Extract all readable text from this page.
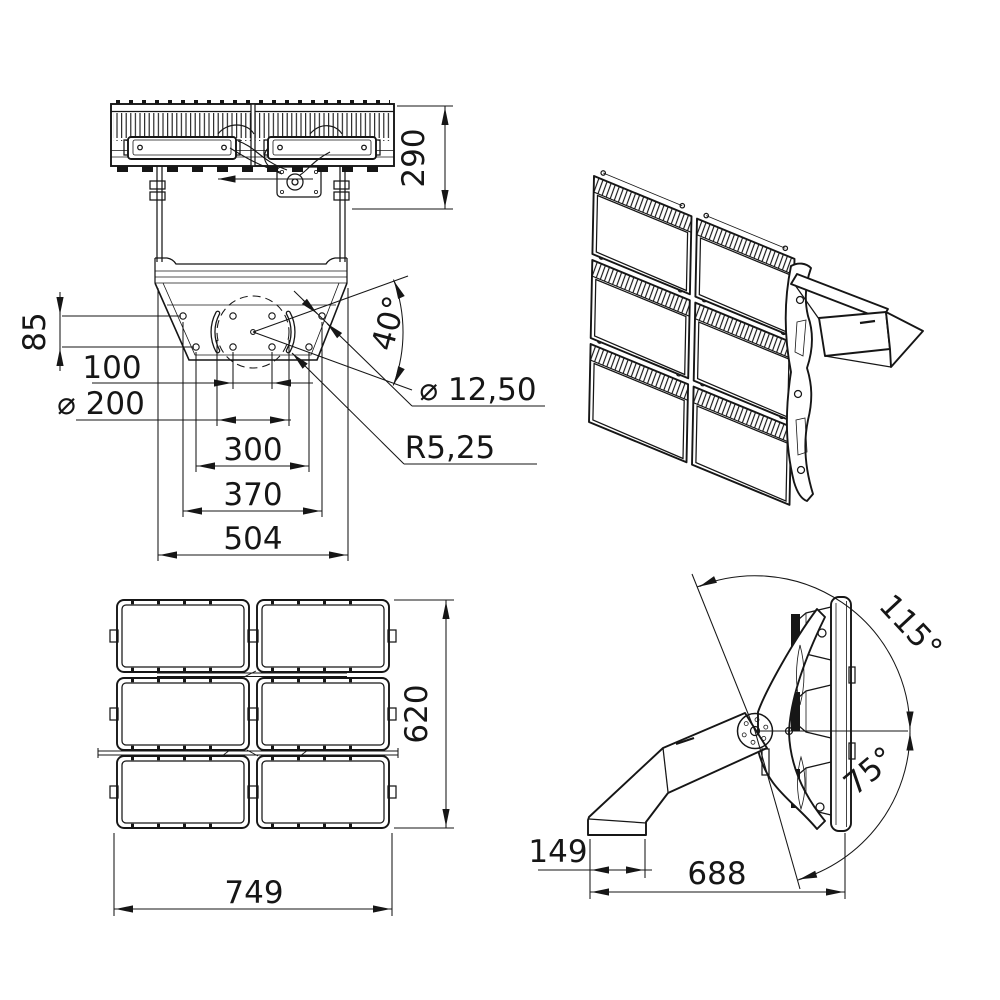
290
85
100
⌀ 200
300
370
504
40°
⌀ 12,50
R5,25
620
749
115°
75°
149
688
